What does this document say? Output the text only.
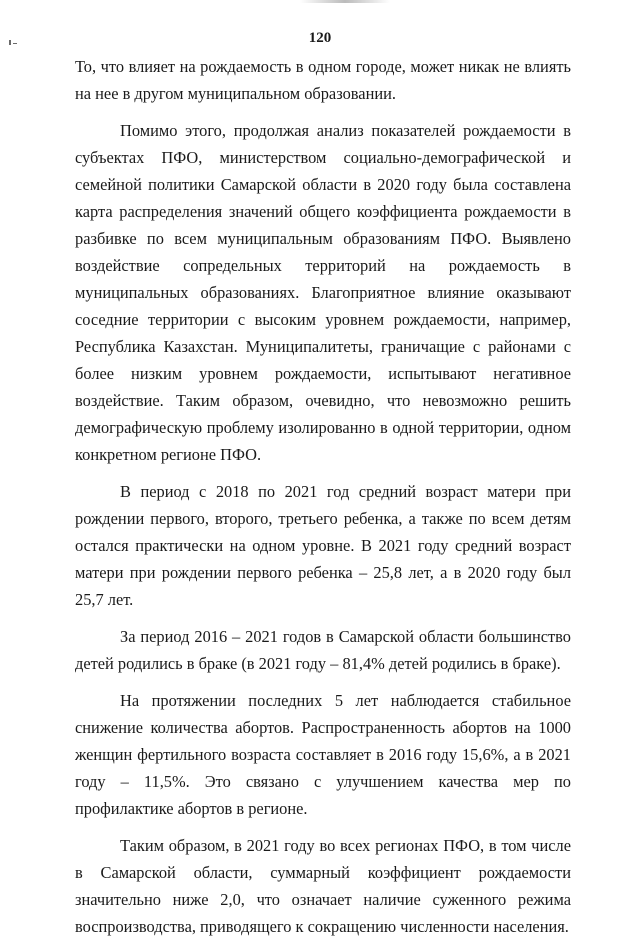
120

То, что влияет на рождаемость в одном городе, может никак не влиять на нее в другом муниципальном образовании.

Помимо этого, продолжая анализ показателей рождаемости в субъектах ПФО, министерством социально-демографической и семейной политики Самарской области в 2020 году была составлена карта распределения значений общего коэффициента рождаемости в разбивке по всем муниципальным образованиям ПФО. Выявлено воздействие сопредельных территорий на рождаемость в муниципальных образованиях. Благоприятное влияние оказывают соседние территории с высоким уровнем рождаемости, например, Республика Казахстан. Муниципалитеты, граничащие с районами с более низким уровнем рождаемости, испытывают негативное воздействие. Таким образом, очевидно, что невозможно решить демографическую проблему изолированно в одной территории, одном конкретном регионе ПФО.

В период с 2018 по 2021 год средний возраст матери при рождении первого, второго, третьего ребенка, а также по всем детям остался практически на одном уровне. В 2021 году средний возраст матери при рождении первого ребенка – 25,8 лет, а в 2020 году был 25,7 лет.

За период 2016 – 2021 годов в Самарской области большинство детей родились в браке (в 2021 году – 81,4% детей родились в браке).

На протяжении последних 5 лет наблюдается стабильное снижение количества абортов. Распространенность абортов на 1000 женщин фертильного возраста составляет в 2016 году 15,6%, а в 2021 году – 11,5%. Это связано с улучшением качества мер по профилактике абортов в регионе.

Таким образом, в 2021 году во всех регионах ПФО, в том числе в Самарской области, суммарный коэффициент рождаемости значительно ниже 2,0, что означает наличие суженного режима воспроизводства, приводящего к сокращению численности населения.
